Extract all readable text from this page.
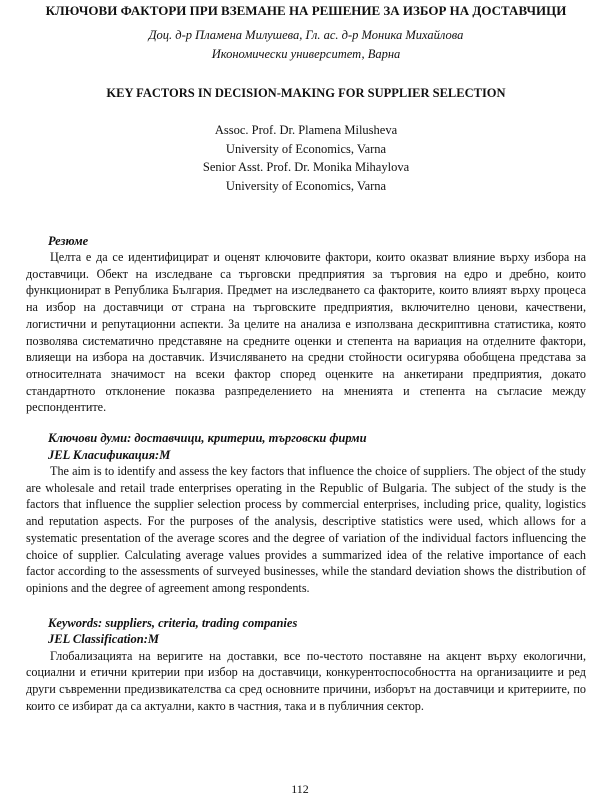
КЛЮЧОВИ ФАКТОРИ ПРИ ВЗЕМАНЕ НА РЕШЕНИЕ ЗА ИЗБОР НА ДОСТАВЧИЦИ
Доц. д-р Пламена Милушева, Гл. ас. д-р Моника Михайлова
Икономически университет, Варна
KEY FACTORS IN DECISION-MAKING FOR SUPPLIER SELECTION
Assoc. Prof. Dr. Plamena Milusheva
University of Economics, Varna
Senior Asst. Prof. Dr. Monika Mihaylova
University of Economics, Varna
Резюме

Целта е да се идентифицират и оценят ключовите фактори, които оказват влияние върху избора на доставчици. Обект на изследване са търговски предприятия за търговия на едро и дребно, които функционират в Република България. Предмет на изследването са факторите, които влияят върху процеса на избор на доставчици от страна на търговските предприятия, включително ценови, качествени, логистични и репутационни аспекти. За целите на анализа е използвана дескриптивна статистика, която позволява систематично представяне на средните оценки и степента на вариация на отделните фактори, влияещи на избора на доставчик. Изчисляването на средни стойности осигурява обобщена представа за относителната значимост на всеки фактор според оценките на анкетирани предприятия, докато стандартното отклонение показва разпределението на мненията и степента на съгласие между респондентите.

Ключови думи: доставчици, критерии, търговски фирми
JEL Класификация:M

The aim is to identify and assess the key factors that influence the choice of suppliers. The object of the study are wholesale and retail trade enterprises operating in the Republic of Bulgaria. The subject of the study is the factors that influence the supplier selection process by commercial enterprises, including price, quality, logistics and reputation aspects. For the purposes of the analysis, descriptive statistics were used, which allows for a systematic presentation of the average scores and the degree of variation of the individual factors influencing the choice of supplier. Calculating average values provides a summarized idea of the relative importance of each factor according to the assessments of surveyed businesses, while the standard deviation shows the distribution of opinions and the degree of agreement among respondents.

Keywords: suppliers, criteria, trading companies
JEL Classification:M

Глобализацията на веригите на доставки, все по-честото поставяне на акцент върху екологични, социални и етични критерии при избор на доставчици, конкурентоспособността на организациите и ред други съвременни предизвикателства са сред основните причини, изборът на доставчици и критериите, по които се избират да са актуални, както в частния, така и в публичния сектор.

112
